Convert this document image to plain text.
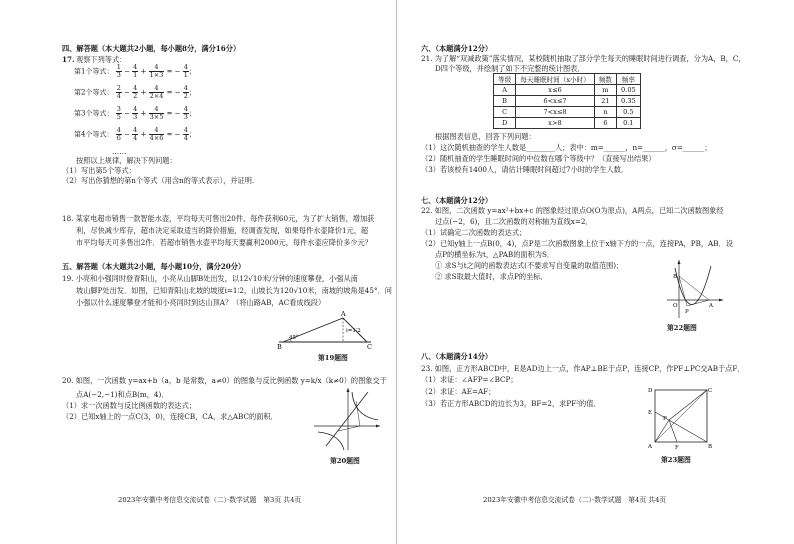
四、解答题（本大题共2小题，每小题8分，满分16分）
17. 观察下列等式：
第1个等式： $\frac{1}{3} - \frac{4}{1} + \frac{4}{1\times 3}$ = − $\frac{4}{1}$ ；
第2个等式： $\frac{2}{4} - \frac{4}{2} + \frac{4}{2\times 4}$ = − $\frac{4}{2}$ ；
第3个等式： $\frac{3}{5} - \frac{4}{3} + \frac{4}{3\times 5}$ = − $\frac{4}{3}$ ；
第4个等式： $\frac{4}{6} - \frac{4}{4} + \frac{4}{4\times 6}$ = − $\frac{4}{4}$ ；
……
按照以上规律，解决下列问题：
（1）写出第5个等式：
（2）写出你猜想的第n个等式（用含n的等式表示），并证明.
18. 某家电超市销售一款智能水壶，平均每天可售出20件，每件获利60元，为了扩大销售，增加获
利，尽快减少库存，超市决定采取适当的降价措施，经调查发现，如果每件水壶降价1元，超
市平均每天可多售出2件．若超市销售水壶平均每天要赢利2000元，每件水壶应降价多少元？
五、解答题（本大题共2小题，每小题10分，满分20分）
19. 小亮和小强同时登青阳山，小亮从山脚B处出发，以12√10米/分钟的速度攀登，小强从南
坡山脚P处出发．如图，已知青阳山北坡的坡度i=1∶2，山坡长为120√10米，南坡的坡角是45°．问
小强以什么速度攀登才能和小亮同时到达山顶A？（将山路AB，AC看成线段）
A
B	C
i=1∶2
45°
第19题图
20. 如图，一次函数 y=ax+b（a，b 是常数，a≠0）的图象与反比例函数 y=k/x（k≠0）的图象交于
点A(−2,−1)和点B(m，4)．
（1）求一次函数与反比例函数的表达式；
（2）已知x轴上的一点C(3，0)，连接CB，CA，求△ABC的面积．
第20题图
2023年安徽中考信息交流试卷（二）·数学试题　第3页 共4页
六、（本题满分12分）
21. 为了解“双减政策”落实情况，某校随机抽取了部分学生每天的睡眠时间进行调查，分为A，B，C，
D四个等级，并绘制了如下不完整的统计图表．
等级	每天睡眠时间（x小时）	频数	频率
A	x≤6	m	0.05
B	6<x≤7	21	0.35
C	7<x≤8	n	0.5
D	x>8	6	0.1
根据图表信息，回答下列问题：
（1）这次随机抽查的学生人数是________人；表中：m=______，n=______，σ=______；
（2）随机抽查的学生睡眠时间的中位数在哪个等级中？（直接写出结果）
（3）若该校有1400人，请估计睡眠时间超过7小时的学生人数．
七、（本题满分12分）
22. 如图，二次函数 y=ax²+bx+c 的图象经过原点O(O为原点)，A两点，已知二次函数图象经
过点(−2，6)，且二次函数的对称轴为直线x=2．
（1）试确定二次函数的表达式；
（2）已知y轴上一点B(0，4)，点P是二次函数图象上位于x轴下方的一点，连接PA，PB，AB．设
点P的横坐标为t，△PAB的面积为S．
① 求S与t之间的函数表达式(不要求写自变量的取值范围)；
② 求S取最大值时，求点P的坐标．	B
O	A
P
第22题图
八、（本题满分14分）
23. 如图，正方形ABCD中，E是AD边上一点，作AP⊥BE于点P，连接CP，作PF⊥PC交AB于点F．
（1）求证：∠AFP=∠BCP；
（2）求证：AE=AF；
（3）若正方形ABCD的边长为3，BF=2，求PF²的值．
D	C
A	B
E
P
F
第23题图
2023年安徽中考信息交流试卷（二）·数学试题　第4页 共4页
